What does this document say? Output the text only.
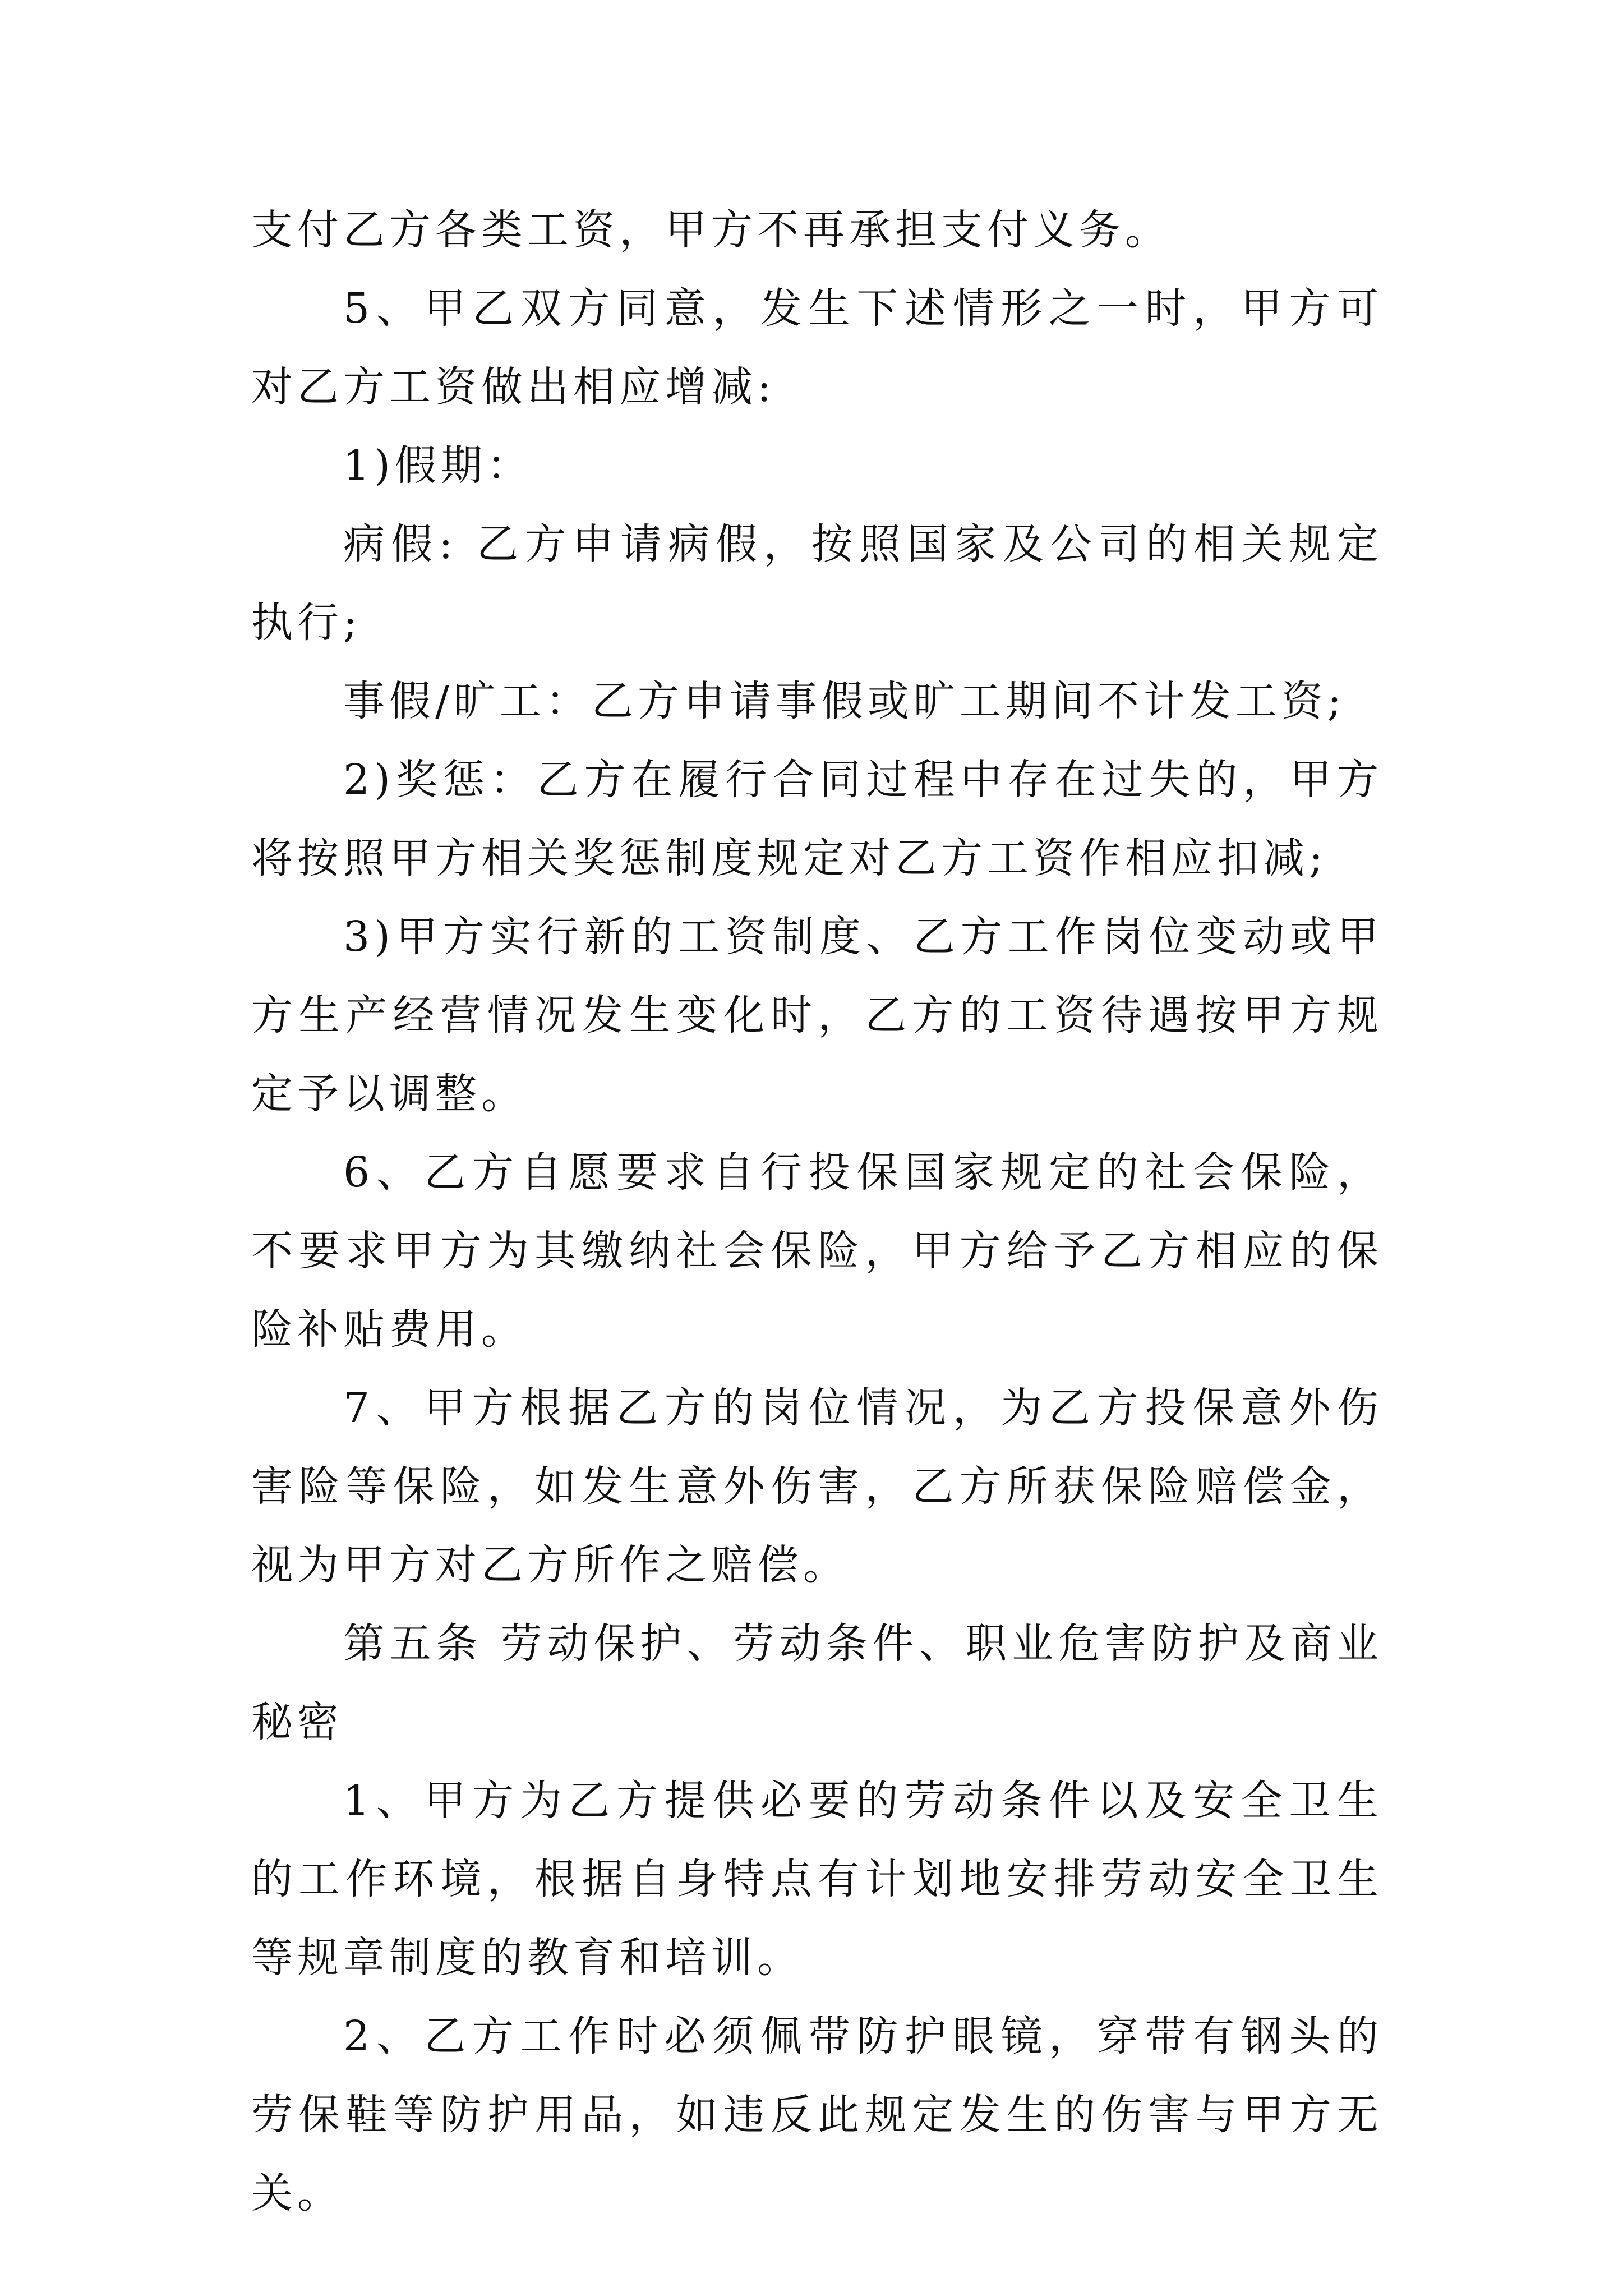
支付乙方各类工资，甲方不再承担支付义务。

5、甲乙双方同意，发生下述情形之一时，甲方可对乙方工资做出相应增减:

1)假期：

病假: 乙方申请病假，按照国家及公司的相关规定执行;

事假/旷工：乙方申请事假或旷工期间不计发工资;

2)奖惩：乙方在履行合同过程中存在过失的，甲方将按照甲方相关奖惩制度规定对乙方工资作相应扣减;

3)甲方实行新的工资制度、乙方工作岗位变动或甲方生产经营情况发生变化时，乙方的工资待遇按甲方规定予以调整。

6、乙方自愿要求自行投保国家规定的社会保险，不要求甲方为其缴纳社会保险，甲方给予乙方相应的保险补贴费用。

7、甲方根据乙方的岗位情况，为乙方投保意外伤害险等保险，如发生意外伤害，乙方所获保险赔偿金，视为甲方对乙方所作之赔偿。

第五条 劳动保护、劳动条件、职业危害防护及商业秘密

1、甲方为乙方提供必要的劳动条件以及安全卫生的工作环境，根据自身特点有计划地安排劳动安全卫生等规章制度的教育和培训。

2、乙方工作时必须佩带防护眼镜，穿带有钢头的劳保鞋等防护用品，如违反此规定发生的伤害与甲方无关。
